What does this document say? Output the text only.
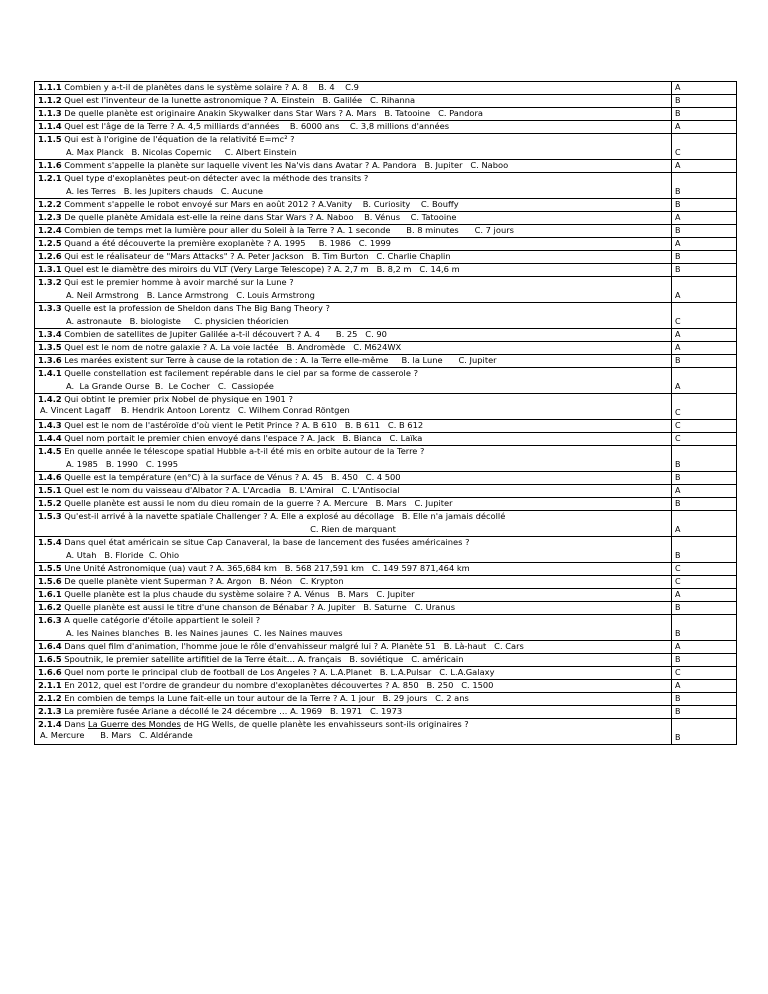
1.1.1 Combien y a-t-il de planètes dans le système solaire ? A. 8    B. 4    C.9	A
1.1.2 Quel est l'inventeur de la lunette astronomique ? A. Einstein   B. Galilée   C. Rihanna	B
1.1.3 De quelle planète est originaire Anakin Skywalker dans Star Wars ? A. Mars   B. Tatooine   C. Pandora	B
1.1.4 Quel est l'âge de la Terre ? A. 4,5 milliards d'années    B. 6000 ans    C. 3,8 millions d'années	A
1.1.5 Qui est à l'origine de l'équation de la relativité E=mc² ?
A. Max Planck   B. Nicolas Copernic     C. Albert Einstein	C
1.1.6 Comment s'appelle la planète sur laquelle vivent les Na'vis dans Avatar ? A. Pandora   B. Jupiter   C. Naboo	A
1.2.1 Quel type d'exoplanètes peut-on détecter avec la méthode des transits ?
A. les Terres   B. les Jupiters chauds   C. Aucune	B
1.2.2 Comment s'appelle le robot envoyé sur Mars en août 2012 ? A.Vanity    B. Curiosity    C. Bouffy	B
1.2.3 De quelle planète Amidala est-elle la reine dans Star Wars ? A. Naboo    B. Vénus    C. Tatooine	A
1.2.4 Combien de temps met la lumière pour aller du Soleil à la Terre ? A. 1 seconde      B. 8 minutes      C. 7 jours	B
1.2.5 Quand a été découverte la première exoplanète ? A. 1995     B. 1986   C. 1999	A
1.2.6 Qui est le réalisateur de "Mars Attacks" ? A. Peter Jackson   B. Tim Burton   C. Charlie Chaplin	B
1.3.1 Quel est le diamètre des miroirs du VLT (Very Large Telescope) ? A. 2,7 m   B. 8,2 m   C. 14,6 m	B
1.3.2 Qui est le premier homme à avoir marché sur la Lune ?
A. Neil Armstrong   B. Lance Armstrong   C. Louis Armstrong	A
1.3.3 Quelle est la profession de Sheldon dans The Big Bang Theory ?
A. astronaute   B. biologiste     C. physicien théoricien	C
1.3.4 Combien de satellites de Jupiter Galilée a-t-il découvert ? A. 4      B. 25   C. 90	A
1.3.5 Quel est le nom de notre galaxie ? A. La voie lactée   B. Andromède   C. M624WX	A
1.3.6 Les marées existent sur Terre à cause de la rotation de : A. la Terre elle-même     B. la Lune      C. Jupiter	B
1.4.1 Quelle constellation est facilement repérable dans le ciel par sa forme de casserole ?
A.  La Grande Ourse  B.  Le Cocher   C.  Cassiopée	A
1.4.2 Qui obtint le premier prix Nobel de physique en 1901 ?
A. Vincent Lagaff    B. Hendrik Antoon Lorentz   C. Wilhem Conrad Röntgen	C
1.4.3 Quel est le nom de l'astéroïde d'où vient le Petit Prince ? A. B 610   B. B 611   C. B 612	C
1.4.4 Quel nom portait le premier chien envoyé dans l'espace ? A. Jack   B. Bianca   C. Laïka	C
1.4.5 En quelle année le télescope spatial Hubble a-t-il été mis en orbite autour de la Terre ?
A. 1985   B. 1990   C. 1995	B
1.4.6 Quelle est la température (en°C) à la surface de Vénus ? A. 45   B. 450   C. 4 500	B
1.5.1 Quel est le nom du vaisseau d'Albator ? A. L'Arcadia   B. L'Amiral   C. L'Antisocial	A
1.5.2 Quelle planète est aussi le nom du dieu romain de la guerre ? A. Mercure   B. Mars   C. Jupiter	B
1.5.3 Qu'est-il arrivé à la navette spatiale Challenger ? A. Elle a explosé au décollage   B. Elle n'a jamais décollé
C. Rien de marquant	A
1.5.4 Dans quel état américain se situe Cap Canaveral, la base de lancement des fusées américaines ?
A. Utah   B. Floride  C. Ohio	B
1.5.5 Une Unité Astronomique (ua) vaut ? A. 365,684 km   B. 568 217,591 km   C. 149 597 871,464 km	C
1.5.6 De quelle planète vient Superman ? A. Argon   B. Néon   C. Krypton	C
1.6.1 Quelle planète est la plus chaude du système solaire ? A. Vénus   B. Mars   C. Jupiter	A
1.6.2 Quelle planète est aussi le titre d'une chanson de Bénabar ? A. Jupiter   B. Saturne   C. Uranus	B
1.6.3 A quelle catégorie d'étoile appartient le soleil ?
A. les Naines blanches  B. les Naines jaunes  C. les Naines mauves	B
1.6.4 Dans quel film d'animation, l'homme joue le rôle d'envahisseur malgré lui ? A. Planète 51   B. Là-haut   C. Cars	A
1.6.5 Spoutnik, le premier satellite artifitiel de la Terre était… A. français   B. soviétique   C. américain	B
1.6.6 Quel nom porte le principal club de football de Los Angeles ? A. L.A.Planet   B. L.A.Pulsar   C. L.A.Galaxy	C
2.1.1 En 2012, quel est l'ordre de grandeur du nombre d'exoplanètes découvertes ? A. 850   B. 250   C. 1500	A
2.1.2 En combien de temps la Lune fait-elle un tour autour de la Terre ? A. 1 jour   B. 29 jours   C. 2 ans	B
2.1.3 La première fusée Ariane a décollé le 24 décembre … A. 1969   B. 1971   C. 1973	B
2.1.4 Dans La Guerre des Mondes de HG Wells, de quelle planète les envahisseurs sont-ils originaires ?
A. Mercure      B. Mars   C. Aldérande	B
